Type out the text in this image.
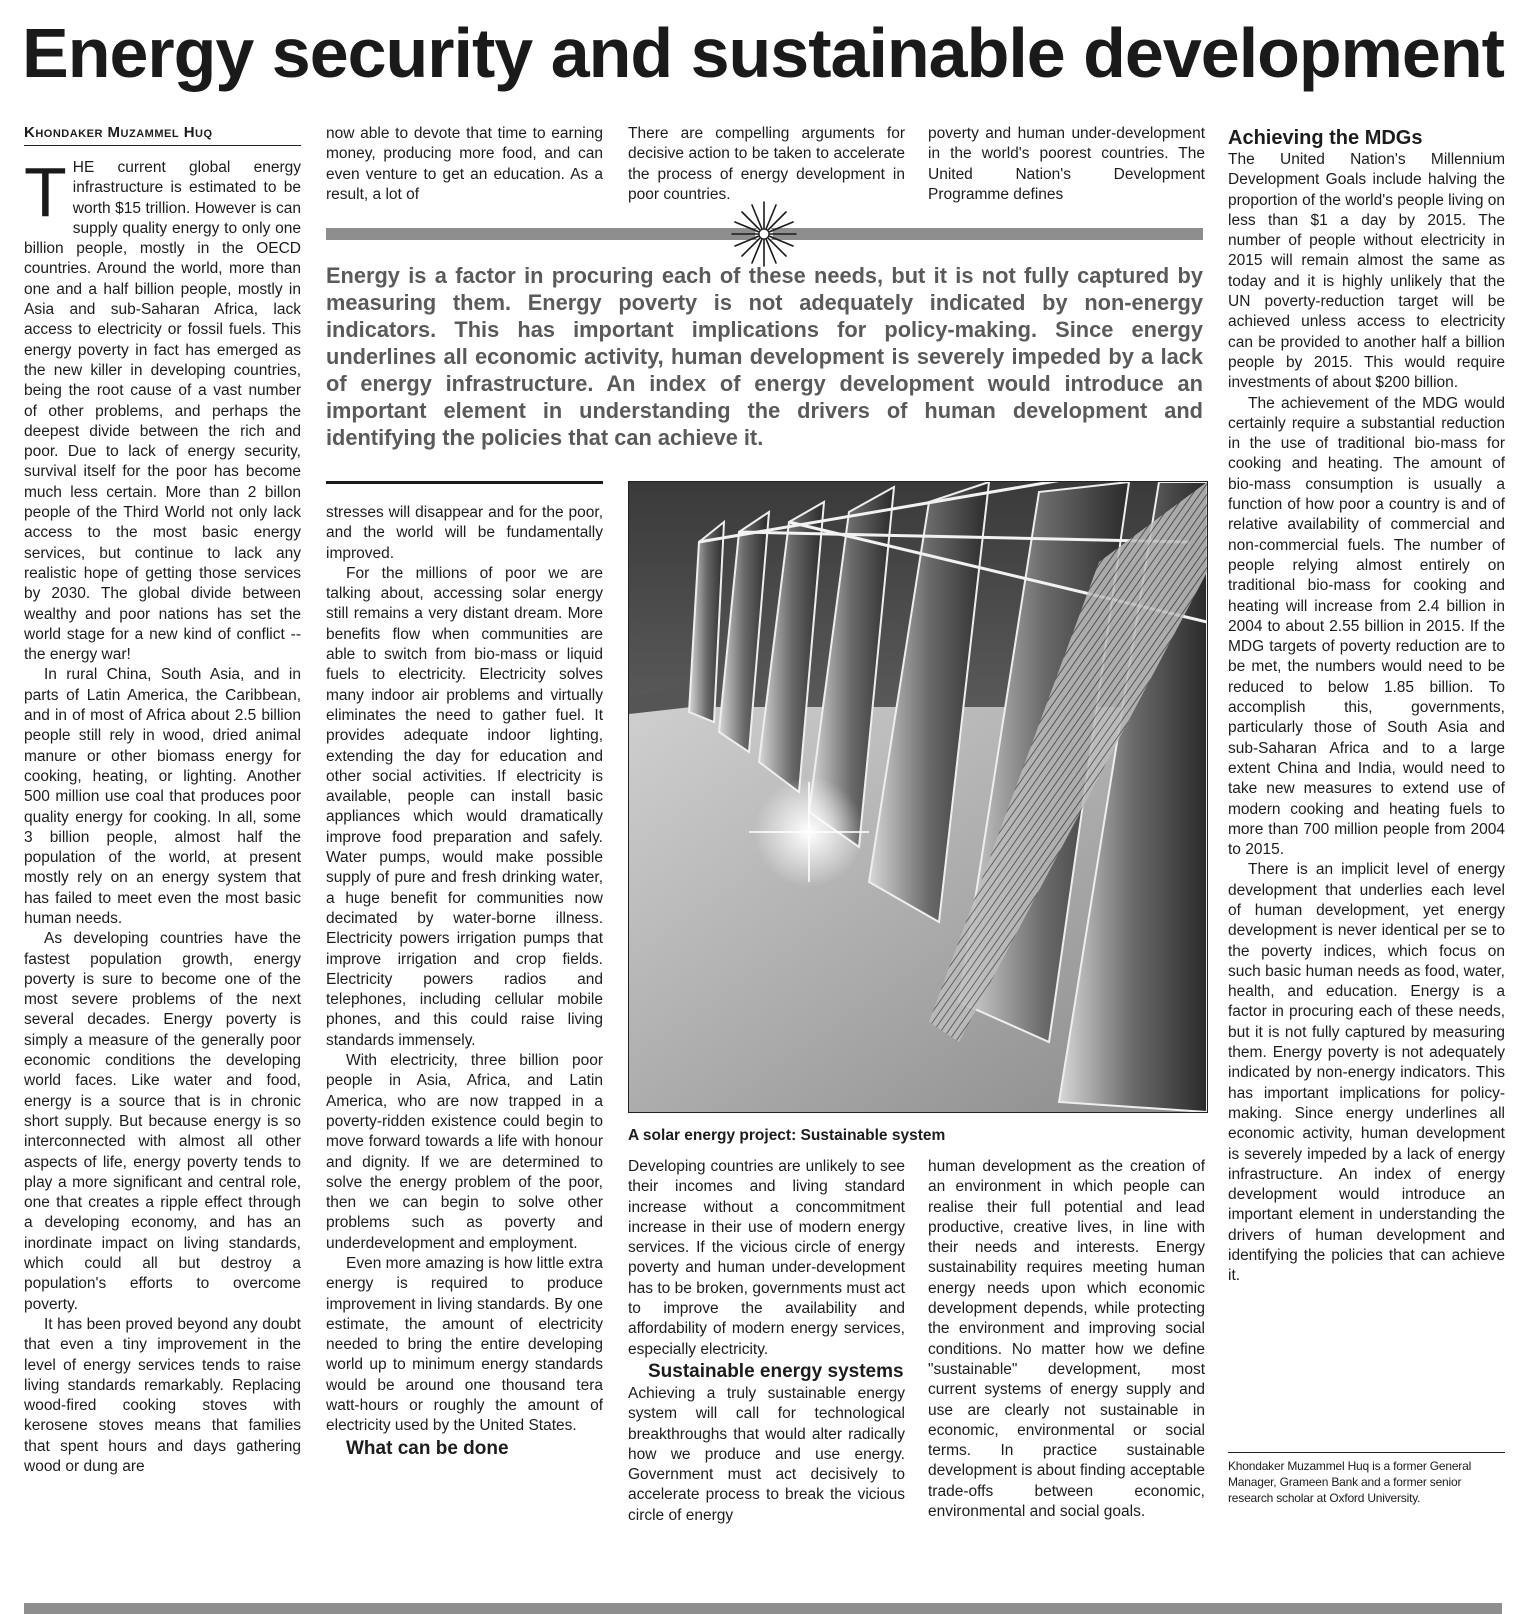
Energy security and sustainable development
Khondaker Muzammel Huq

THE current global energy infrastructure is estimated to be worth $15 trillion. However is can supply quality energy to only one billion people, mostly in the OECD countries. Around the world, more than one and a half billion people, mostly in Asia and sub-Saharan Africa, lack access to electricity or fossil fuels. This energy poverty in fact has emerged as the new killer in developing countries, being the root cause of a vast number of other problems, and perhaps the deepest divide between the rich and poor. Due to lack of energy security, survival itself for the poor has become much less certain. More than 2 billon people of the Third World not only lack access to the most basic energy services, but continue to lack any realistic hope of getting those services by 2030. The global divide between wealthy and poor nations has set the world stage for a new kind of conflict -- the energy war!

In rural China, South Asia, and in parts of Latin America, the Caribbean, and in of most of Africa about 2.5 billion people still rely in wood, dried animal manure or other biomass energy for cooking, heating, or lighting. Another 500 million use coal that produces poor quality energy for cooking. In all, some 3 billion people, almost half the population of the world, at present mostly rely on an energy system that has failed to meet even the most basic human needs.

As developing countries have the fastest population growth, energy poverty is sure to become one of the most severe problems of the next several decades. Energy poverty is simply a measure of the generally poor economic conditions the developing world faces. Like water and food, energy is a source that is in chronic short supply. But because energy is so interconnected with almost all other aspects of life, energy poverty tends to play a more significant and central role, one that creates a ripple effect through a developing economy, and has an inordinate impact on living standards, which could all but destroy a population's efforts to overcome poverty.

It has been proved beyond any doubt that even a tiny improvement in the level of energy services tends to raise living standards remarkably. Replacing wood-fired cooking stoves with kerosene stoves means that families that spent hours and days gathering wood or dung are

now able to devote that time to earning money, producing more food, and can even venture to get an education. As a result, a lot of

There are compelling arguments for decisive action to be taken to accelerate the process of energy development in poor countries.

poverty and human under-development in the world's poorest countries. The United Nation's Development Programme defines

Energy is a factor in procuring each of these needs, but it is not fully captured by measuring them. Energy poverty is not adequately indicated by non-energy indicators. This has important implications for policy-making. Since energy underlines all economic activity, human development is severely impeded by a lack of energy infrastructure. An index of energy development would introduce an important element in understanding the drivers of human development and identifying the policies that can achieve it.

stresses will disappear and for the poor, and the world will be fundamentally improved.

For the millions of poor we are talking about, accessing solar energy still remains a very distant dream. More benefits flow when communities are able to switch from bio-mass or liquid fuels to electricity. Electricity solves many indoor air problems and virtually eliminates the need to gather fuel. It provides adequate indoor lighting, extending the day for education and other social activities. If electricity is available, people can install basic appliances which would dramatically improve food preparation and safely. Water pumps, would make possible supply of pure and fresh drinking water, a huge benefit for communities now decimated by water-borne illness. Electricity powers irrigation pumps that improve irrigation and crop fields. Electricity powers radios and telephones, including cellular mobile phones, and this could raise living standards immensely.

With electricity, three billion poor people in Asia, Africa, and Latin America, who are now trapped in a poverty-ridden existence could begin to move forward towards a life with honour and dignity. If we are determined to solve the energy problem of the poor, then we can begin to solve other problems such as poverty and underdevelopment and employment.

Even more amazing is how little extra energy is required to produce improvement in living standards. By one estimate, the amount of electricity needed to bring the entire developing world up to minimum energy standards would be around one thousand tera watt-hours or roughly the amount of electricity used by the United States.

What can be done

A solar energy project: Sustainable system

Developing countries are unlikely to see their incomes and living standard increase without a concommitment increase in their use of modern energy services. If the vicious circle of energy poverty and human under-development has to be broken, governments must act to improve the availability and affordability of modern energy services, especially electricity.

Sustainable energy systems

Achieving a truly sustainable energy system will call for technological breakthroughs that would alter radically how we produce and use energy. Government must act decisively to accelerate process to break the vicious circle of energy

human development as the creation of an environment in which people can realise their full potential and lead productive, creative lives, in line with their needs and interests. Energy sustainability requires meeting human energy needs upon which economic development depends, while protecting the environment and improving social conditions. No matter how we define "sustainable" development, most current systems of energy supply and use are clearly not sustainable in economic, environmental or social terms. In practice sustainable development is about finding acceptable trade-offs between economic, environmental and social goals.

Achieving the MDGs

The United Nation's Millennium Development Goals include halving the proportion of the world's people living on less than $1 a day by 2015. The number of people without electricity in 2015 will remain almost the same as today and it is highly unlikely that the UN poverty-reduction target will be achieved unless access to electricity can be provided to another half a billion people by 2015. This would require investments of about $200 billion.

The achievement of the MDG would certainly require a substantial reduction in the use of traditional bio-mass for cooking and heating. The amount of bio-mass consumption is usually a function of how poor a country is and of relative availability of commercial and non-commercial fuels. The number of people relying almost entirely on traditional bio-mass for cooking and heating will increase from 2.4 billion in 2004 to about 2.55 billion in 2015. If the MDG targets of poverty reduction are to be met, the numbers would need to be reduced to below 1.85 billion. To accomplish this, governments, particularly those of South Asia and sub-Saharan Africa and to a large extent China and India, would need to take new measures to extend use of modern cooking and heating fuels to more than 700 million people from 2004 to 2015.

There is an implicit level of energy development that underlies each level of human development, yet energy development is never identical per se to the poverty indices, which focus on such basic human needs as food, water, health, and education. Energy is a factor in procuring each of these needs, but it is not fully captured by measuring them. Energy poverty is not adequately indicated by non-energy indicators. This has important implications for policy-making. Since energy underlines all economic activity, human development is severely impeded by a lack of energy infrastructure. An index of energy development would introduce an important element in understanding the drivers of human development and identifying the policies that can achieve it.

Khondaker Muzammel Huq is a former General Manager, Grameen Bank and a former senior research scholar at Oxford University.
